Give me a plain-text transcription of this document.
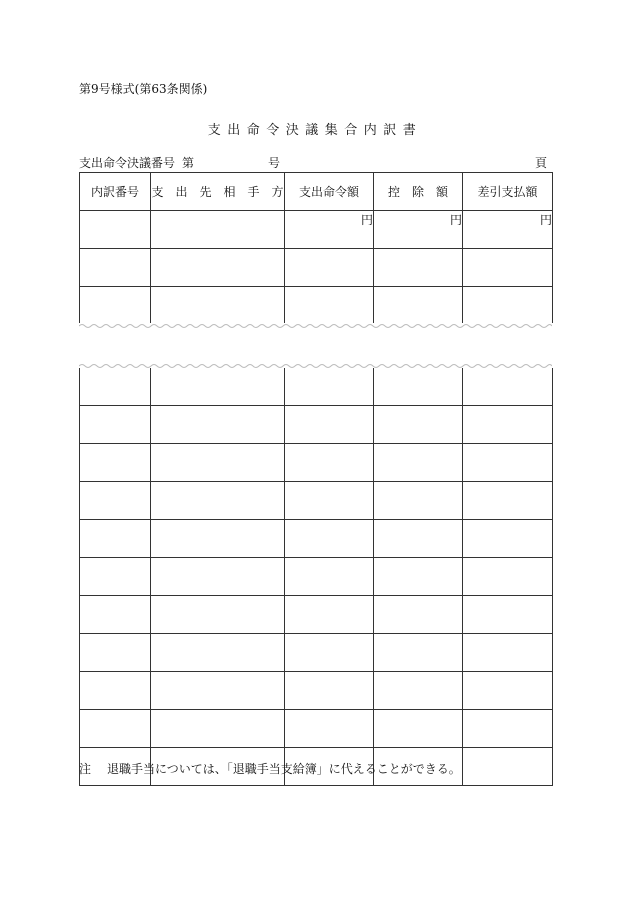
第9号様式(第63条関係)
支出命令決議集合内訳書
支出命令決議番号 第	号	頁
内訳番号	支　出　先　相　手　方	支出命令額	控　除　額	差引支払額
		円	円	円

注 退職手当については、「退職手当支給簿」に代えることができる。
